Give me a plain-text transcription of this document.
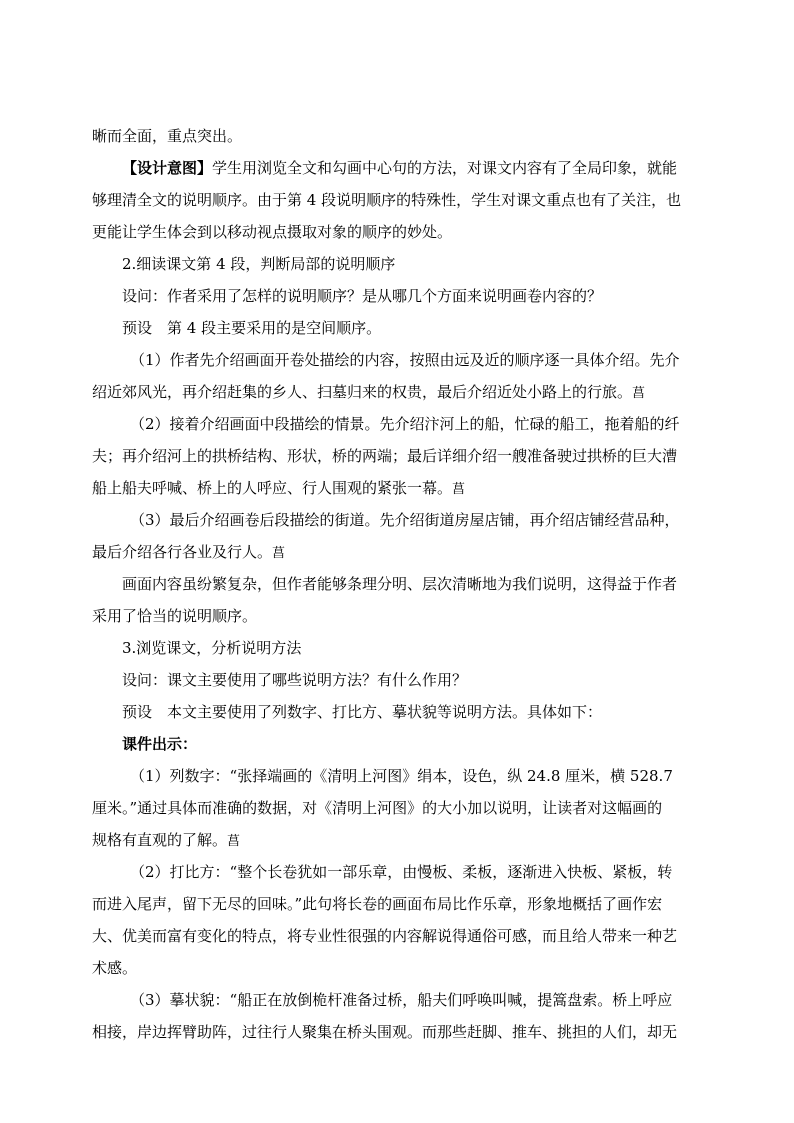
晰而全面，重点突出。
【设计意图】学生用浏览全文和勾画中心句的方法，对课文内容有了全局印象，就能
够理清全文的说明顺序。由于第 4 段说明顺序的特殊性，学生对课文重点也有了关注，也
更能让学生体会到以移动视点摄取对象的顺序的妙处。
2.细读课文第 4 段，判断局部的说明顺序
设问：作者采用了怎样的说明顺序？是从哪几个方面来说明画卷内容的？
预设　第 4 段主要采用的是空间顺序。
（1）作者先介绍画面开卷处描绘的内容，按照由远及近的顺序逐一具体介绍。先介
绍近郊风光，再介绍赶集的乡人、扫墓归来的权贵，最后介绍近处小路上的行旅。菖
（2）接着介绍画面中段描绘的情景。先介绍汴河上的船，忙碌的船工，拖着船的纤
夫；再介绍河上的拱桥结构、形状，桥的两端；最后详细介绍一艘准备驶过拱桥的巨大漕
船上船夫呼喊、桥上的人呼应、行人围观的紧张一幕。菖
（3）最后介绍画卷后段描绘的街道。先介绍街道房屋店铺，再介绍店铺经营品种，
最后介绍各行各业及行人。菖
画面内容虽纷繁复杂，但作者能够条理分明、层次清晰地为我们说明，这得益于作者
采用了恰当的说明顺序。
3.浏览课文，分析说明方法
设问：课文主要使用了哪些说明方法？有什么作用？
预设　本文主要使用了列数字、打比方、摹状貌等说明方法。具体如下：
课件出示：
（1）列数字：“张择端画的《清明上河图》绢本，设色，纵 24.8 厘米，横 528.7
厘米。”通过具体而准确的数据，对《清明上河图》的大小加以说明，让读者对这幅画的
规格有直观的了解。菖
（2）打比方：“整个长卷犹如一部乐章，由慢板、柔板，逐渐进入快板、紧板，转
而进入尾声，留下无尽的回味。”此句将长卷的画面布局比作乐章，形象地概括了画作宏
大、优美而富有变化的特点，将专业性很强的内容解说得通俗可感，而且给人带来一种艺
术感。
（3）摹状貌：“船正在放倒桅杆准备过桥，船夫们呼唤叫喊，提篙盘索。桥上呼应
相接，岸边挥臂助阵，过往行人聚集在桥头围观。而那些赶脚、推车、挑担的人们，却无
